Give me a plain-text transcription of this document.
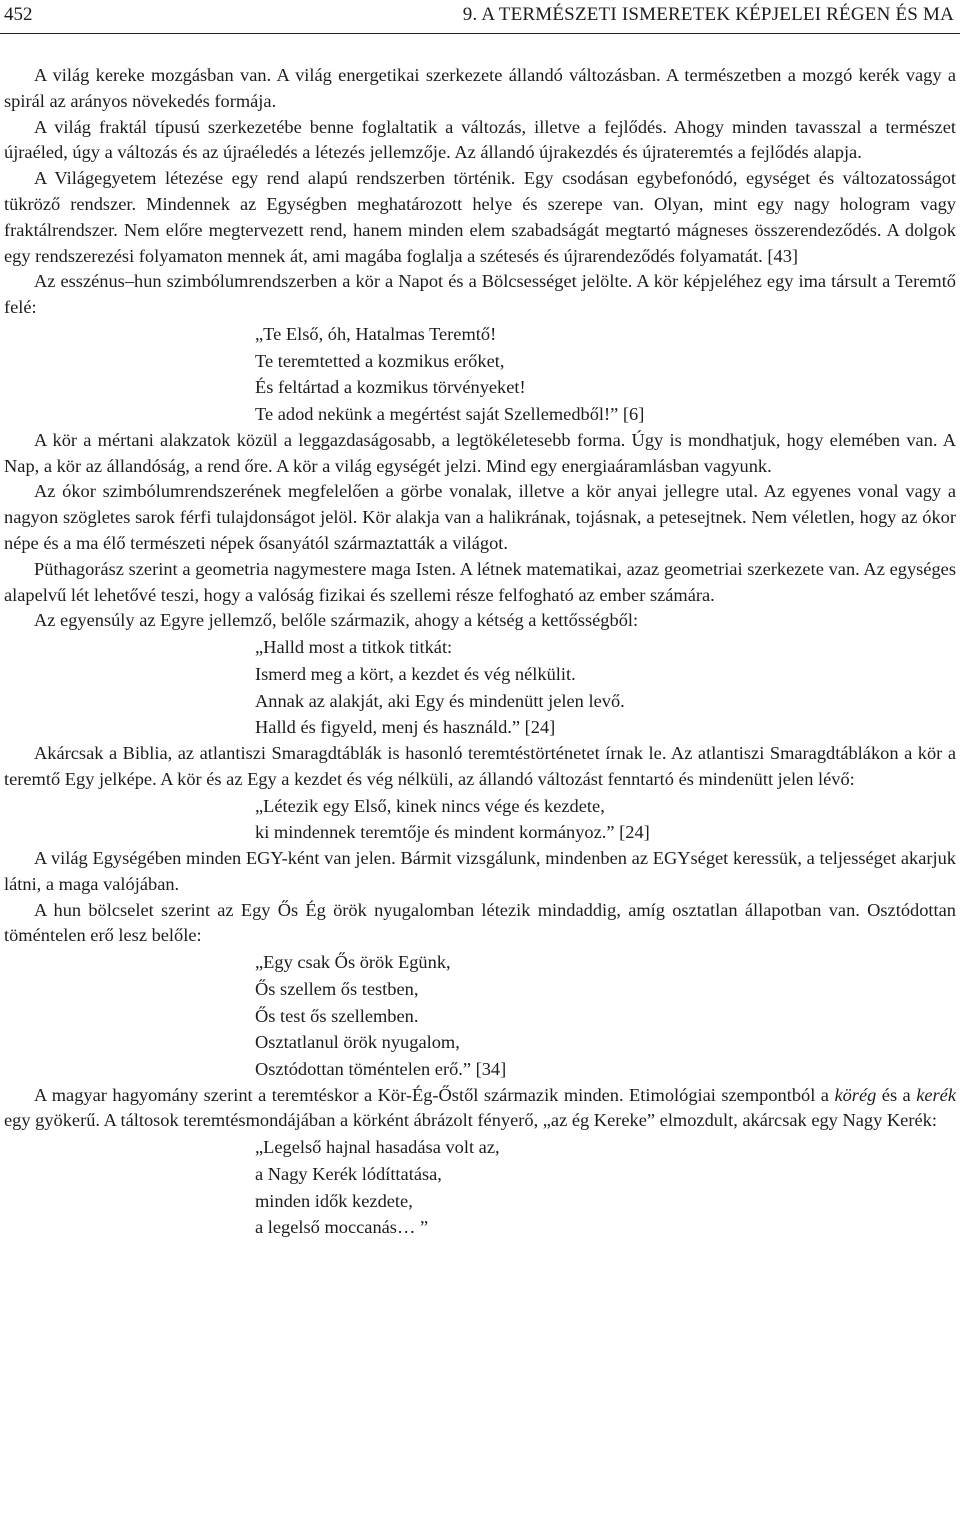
452	9. A TERMÉSZETI ISMERETEK KÉPJELEI RÉGEN ÉS MA

A világ kereke mozgásban van. A világ energetikai szerkezete állandó változásban. A természetben a mozgó kerék vagy a spirál az arányos növekedés formája.

A világ fraktál típusú szerkezetébe benne foglaltatik a változás, illetve a fejlődés. Ahogy minden tavasszal a természet újraéled, úgy a változás és az újraéledés a létezés jellemzője. Az állandó újrakezdés és újrateremtés a fejlődés alapja.

A Világegyetem létezése egy rend alapú rendszerben történik. Egy csodásan egybefonódó, egységet és változatosságot tükröző rendszer. Mindennek az Egységben meghatározott helye és szerepe van. Olyan, mint egy nagy hologram vagy fraktálrendszer. Nem előre megtervezett rend, hanem minden elem szabadságát megtartó mágneses összerendeződés. A dolgok egy rendszerezési folyamaton mennek át, ami magába foglalja a szétesés és újrarendeződés folyamatát. [43]

Az esszénus–hun szimbólumrendszerben a kör a Napot és a Bölcsességet jelölte. A kör képjeléhez egy ima társult a Teremtő felé:

„Te Első, óh, Hatalmas Teremtő!
Te teremtetted a kozmikus erőket,
És feltártad a kozmikus törvényeket!
Te adod nekünk a megértést saját Szellemedből!” [6]

A kör a mértani alakzatok közül a leggazdaságosabb, a legtökéletesebb forma. Úgy is mondhatjuk, hogy elemében van. A Nap, a kör az állandóság, a rend őre. A kör a világ egységét jelzi. Mind egy energiaáramlásban vagyunk.

Az ókor szimbólumrendszerének megfelelően a görbe vonalak, illetve a kör anyai jellegre utal. Az egyenes vonal vagy a nagyon szögletes sarok férfi tulajdonságot jelöl. Kör alakja van a halikrának, tojásnak, a petesejtnek. Nem véletlen, hogy az ókor népe és a ma élő természeti népek ősanyától származtatták a világot.

Püthagorász szerint a geometria nagymestere maga Isten. A létnek matematikai, azaz geometriai szerkezete van. Az egységes alapelvű lét lehetővé teszi, hogy a valóság fizikai és szellemi része felfogható az ember számára.

Az egyensúly az Egyre jellemző, belőle származik, ahogy a kétség a kettősségből:

„Halld most a titkok titkát:
Ismerd meg a kört, a kezdet és vég nélkülit.
Annak az alakját, aki Egy és mindenütt jelen levő.
Halld és figyeld, menj és használd.” [24]

Akárcsak a Biblia, az atlantiszi Smaragdtáblák is hasonló teremtéstörténetet írnak le. Az atlantiszi Smaragdtáblákon a kör a teremtő Egy jelképe. A kör és az Egy a kezdet és vég nélküli, az állandó változást fenntartó és mindenütt jelen lévő:

„Létezik egy Első, kinek nincs vége és kezdete,
ki mindennek teremtője és mindent kormányoz.” [24]

A világ Egységében minden EGY-ként van jelen. Bármit vizsgálunk, mindenben az EGYséget keressük, a teljességet akarjuk látni, a maga valójában.

A hun bölcselet szerint az Egy Ős Ég örök nyugalomban létezik mindaddig, amíg osztatlan állapotban van. Osztódottan töméntelen erő lesz belőle:

„Egy csak Ős örök Egünk,
Ős szellem ős testben,
Ős test ős szellemben.
Osztatlanul örök nyugalom,
Osztódottan töméntelen erő.” [34]

A magyar hagyomány szerint a teremtéskor a Kör-Ég-Őstől származik minden. Etimológiai szempontból a körég és a kerék egy gyökerű. A táltosok teremtésmondájában a körként ábrázolt fényerő, „az ég Kereke” elmozdult, akárcsak egy Nagy Kerék:

„Legelső hajnal hasadása volt az,
a Nagy Kerék lódíttatása,
minden idők kezdete,
a legelső moccanás… ”
